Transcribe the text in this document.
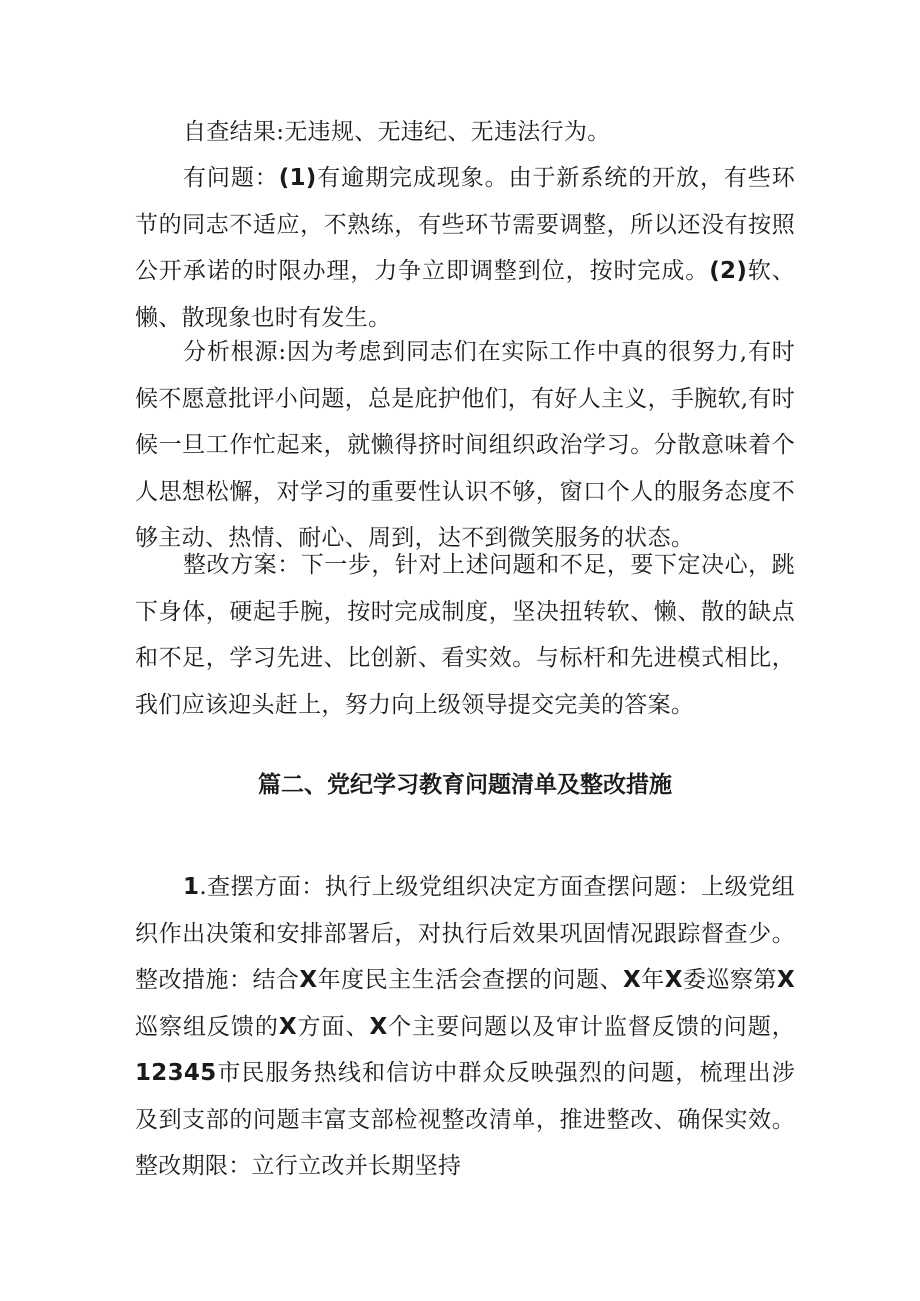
自查结果:无违规、无违纪、无违法行为。

有问题：(1)有逾期完成现象。由于新系统的开放，有些环节的同志不适应，不熟练，有些环节需要调整，所以还没有按照公开承诺的时限办理，力争立即调整到位，按时完成。(2)软、懒、散现象也时有发生。

分析根源:因为考虑到同志们在实际工作中真的很努力,有时候不愿意批评小问题，总是庇护他们，有好人主义，手腕软,有时候一旦工作忙起来，就懒得挤时间组织政治学习。分散意味着个人思想松懈，对学习的重要性认识不够，窗口个人的服务态度不够主动、热情、耐心、周到，达不到微笑服务的状态。

整改方案：下一步，针对上述问题和不足，要下定决心，跳下身体，硬起手腕，按时完成制度，坚决扭转软、懒、散的缺点和不足，学习先进、比创新、看实效。与标杆和先进模式相比，我们应该迎头赶上，努力向上级领导提交完美的答案。

篇二、党纪学习教育问题清单及整改措施

1.查摆方面：执行上级党组织决定方面查摆问题：上级党组织作出决策和安排部署后，对执行后效果巩固情况跟踪督查少。整改措施：结合X年度民主生活会查摆的问题、X年X委巡察第X巡察组反馈的X方面、X个主要问题以及审计监督反馈的问题，12345市民服务热线和信访中群众反映强烈的问题，梳理出涉及到支部的问题丰富支部检视整改清单，推进整改、确保实效。整改期限：立行立改并长期坚持
